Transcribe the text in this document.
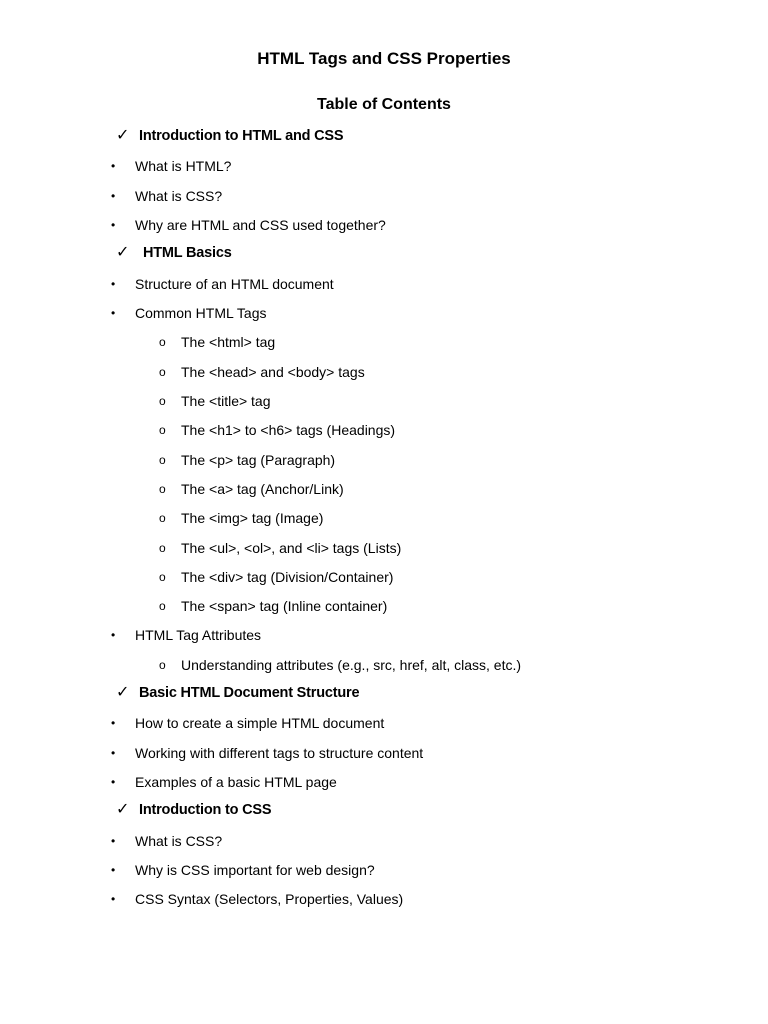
HTML Tags and CSS Properties
Table of Contents
✓ Introduction to HTML and CSS
• What is HTML?
• What is CSS?
• Why are HTML and CSS used together?
✓ HTML Basics
• Structure of an HTML document
• Common HTML Tags
o The <html> tag
o The <head> and <body> tags
o The <title> tag
o The <h1> to <h6> tags (Headings)
o The <p> tag (Paragraph)
o The <a> tag (Anchor/Link)
o The <img> tag (Image)
o The <ul>, <ol>, and <li> tags (Lists)
o The <div> tag (Division/Container)
o The <span> tag (Inline container)
• HTML Tag Attributes
o Understanding attributes (e.g., src, href, alt, class, etc.)
✓ Basic HTML Document Structure
• How to create a simple HTML document
• Working with different tags to structure content
• Examples of a basic HTML page
✓ Introduction to CSS
• What is CSS?
• Why is CSS important for web design?
• CSS Syntax (Selectors, Properties, Values)
